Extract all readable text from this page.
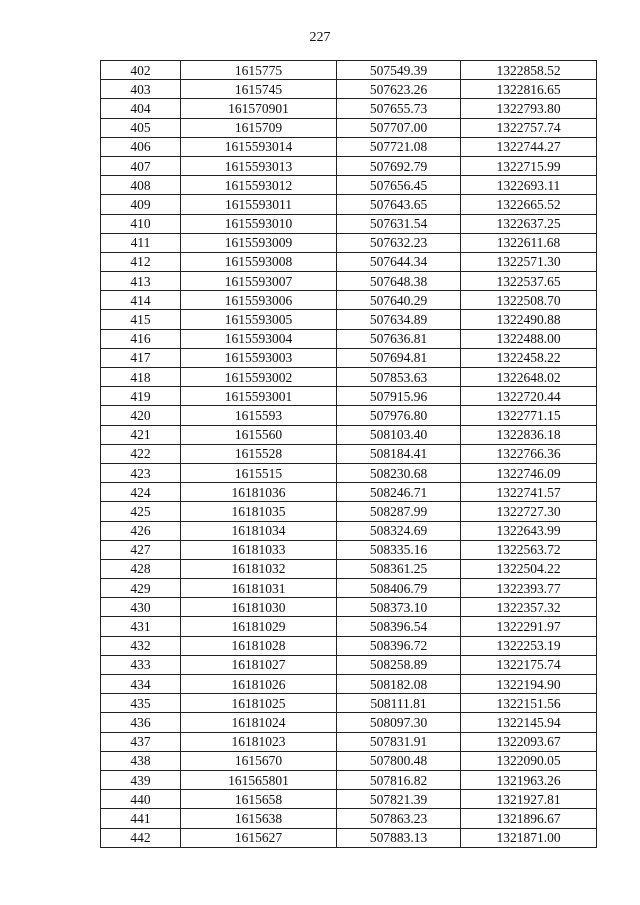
227
402	1615775	507549.39	1322858.52
403	1615745	507623.26	1322816.65
404	161570901	507655.73	1322793.80
405	1615709	507707.00	1322757.74
406	1615593014	507721.08	1322744.27
407	1615593013	507692.79	1322715.99
408	1615593012	507656.45	1322693.11
409	1615593011	507643.65	1322665.52
410	1615593010	507631.54	1322637.25
411	1615593009	507632.23	1322611.68
412	1615593008	507644.34	1322571.30
413	1615593007	507648.38	1322537.65
414	1615593006	507640.29	1322508.70
415	1615593005	507634.89	1322490.88
416	1615593004	507636.81	1322488.00
417	1615593003	507694.81	1322458.22
418	1615593002	507853.63	1322648.02
419	1615593001	507915.96	1322720.44
420	1615593	507976.80	1322771.15
421	1615560	508103.40	1322836.18
422	1615528	508184.41	1322766.36
423	1615515	508230.68	1322746.09
424	16181036	508246.71	1322741.57
425	16181035	508287.99	1322727.30
426	16181034	508324.69	1322643.99
427	16181033	508335.16	1322563.72
428	16181032	508361.25	1322504.22
429	16181031	508406.79	1322393.77
430	16181030	508373.10	1322357.32
431	16181029	508396.54	1322291.97
432	16181028	508396.72	1322253.19
433	16181027	508258.89	1322175.74
434	16181026	508182.08	1322194.90
435	16181025	508111.81	1322151.56
436	16181024	508097.30	1322145.94
437	16181023	507831.91	1322093.67
438	1615670	507800.48	1322090.05
439	161565801	507816.82	1321963.26
440	1615658	507821.39	1321927.81
441	1615638	507863.23	1321896.67
442	1615627	507883.13	1321871.00
